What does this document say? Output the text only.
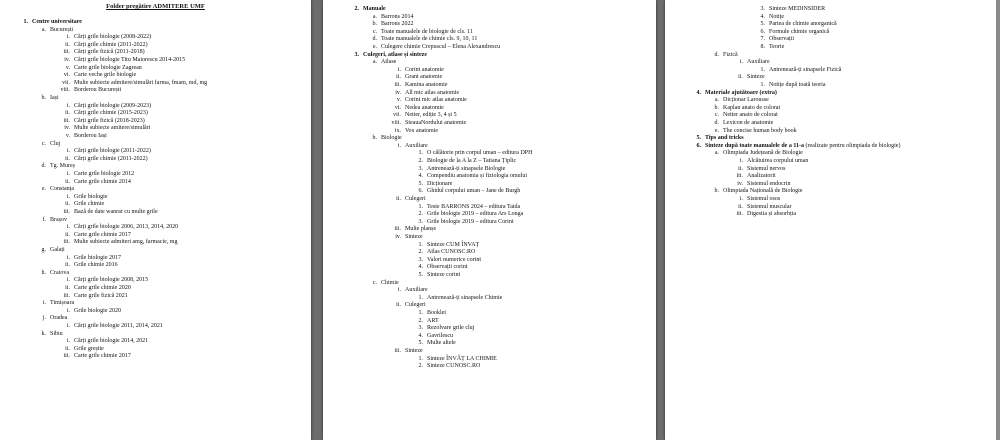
Folder pregătire ADMITERE UMF
1. Centre universitare
a. București
i. Cărți grile biologie (2008-2022)
ii. Cărți grile chimie (2011-2022)
iii. Cărți grile fizică (2011-2018)
iv. Cărți grile biologie Titu Maiorescu 2014-2015
v. Carte grile biologie Zagrean
vi. Carte veche grile biologie
vii. Multe subiecte admitere/simulări farma, fmam, md, mg
viii. Borderou București
b. Iași
i. Cărți grile biologie (2009-2023)
ii. Cărți grile chimie (2015-2023)
iii. Cărți grile fizică (2018-2023)
iv. Multe subiecte amitere/simulări
v. Borderou Iași
c. Cluj
i. Cărți grile biologie (2011-2022)
ii. Cărți grile chimie (2011-2022)
d. Tg. Mureș
i. Carte grile biologie 2012
ii. Carte grile chimie 2014
e. Constanța
i. Grile biologie
ii. Grile chimie
iii. Bază de date wanrar cu multe grile
f. Brașov
i. Cărți grile biologie 2006, 2013, 2014, 2020
ii. Carte grile chimie 2017
iii. Multe subiecte admiteri amg, farmacie, mg
g. Galați
i. Grile biologie 2017
ii. Grile chimie 2016
h. Craiova
i. Cărți grile biologie 2008, 2015
ii. Carte grile chimie 2020
iii. Carte grile fizică 2021
i. Timișoara
i. Grile biologie 2020
j. Oradea
i. Cărți grile biologie 2011, 2014, 2021
k. Sibiu
i. Cărți grile biologie 2014, 2021
ii. Grile greșite
iii. Carte grile chimie 2017
2. Manuale
a. Barrons 2014
b. Barrons 2022
c. Toate manualele de biologie de cls. 11
d. Toate manualele de chimie cls. 9, 10, 11
e. Culegere chimie Crepuscul – Elena Alexandrescu
3. Culegeri, atlase și sinteze
a. Atlase
i. Corint anatomie
ii. Grant anatomie
iii. Kamina anatomie
iv. All mic atlas anatomie
v. Corint mic atlas anatomie
vi. Nedea anatomie
vii. Netter, ediție 3, 4 și 5
viii. SteauaNordului anatomie
ix. Vox anatomie
b. Biologie
i. Auxiliare
1. O călătorie prin corpul uman – editura DPH
2. Biologie de la A la Z – Tatiana Țiplic
3. Antrenează-ți sinapsele Biologie
4. Compendiu anatomia și fiziologia omului
5. Dicționare
6. Ghidul corpului uman – Jane de Burgh
ii. Culegeri
1. Teste BARRONS 2024 – editura Taida
2. Grile biologie 2019 – editura Ars Longa
3. Grile biologie 2019 – editura Corint
iii. Multe planșe
iv. Sinteze
1. Sinteze CUM ÎNVAȚ
2. Atlas CUNOSC.RO
3. Valori numerice corint
4. Observații corint
5. Sinteze corint
c. Chimie
i. Auxiliare
1. Antrenează-ți sinapsele Chimie
ii. Culegeri
1. Booklet
2. ART
3. Rezolvare grile cluj
4. Gavrilescu
5. Multe altele
iii. Sinteze
1. Sinteze ÎNVĂȚ LA CHIMIE
2. Sinteze CUNOSC.RO
3. Sinteze MEDINSIDER
4. Notițe
5. Partea de chimie anorganică
6. Formule chimie organică
7. Observații
8. Teorie
d. Fizică
i. Auxiliare
1. Antrenează-ți sinapsele Fizică
ii. Sinteze
1. Notițe după toată teoria
4. Materiale ajutătoare (extra)
a. Dicționar Larousse
b. Kaplan anato de colorat
c. Netter anato de colorat
d. Lexicon de anatomie
e. The concise human body book
5. Tips and tricks
6. Sinteze după toate manualele de a 11-a (realizate pentru olimpiada de biologie)
a. Olimpiada Județeană de Biologie
i. Alcătuirea corpului uman
ii. Sistemul nervos
iii. Analizatorii
iv. Sistemul endocrin
b. Olimpiada Națională de Biologie
i. Sistemul osos
ii. Sistemul muscular
iii. Digestia și absorbția
